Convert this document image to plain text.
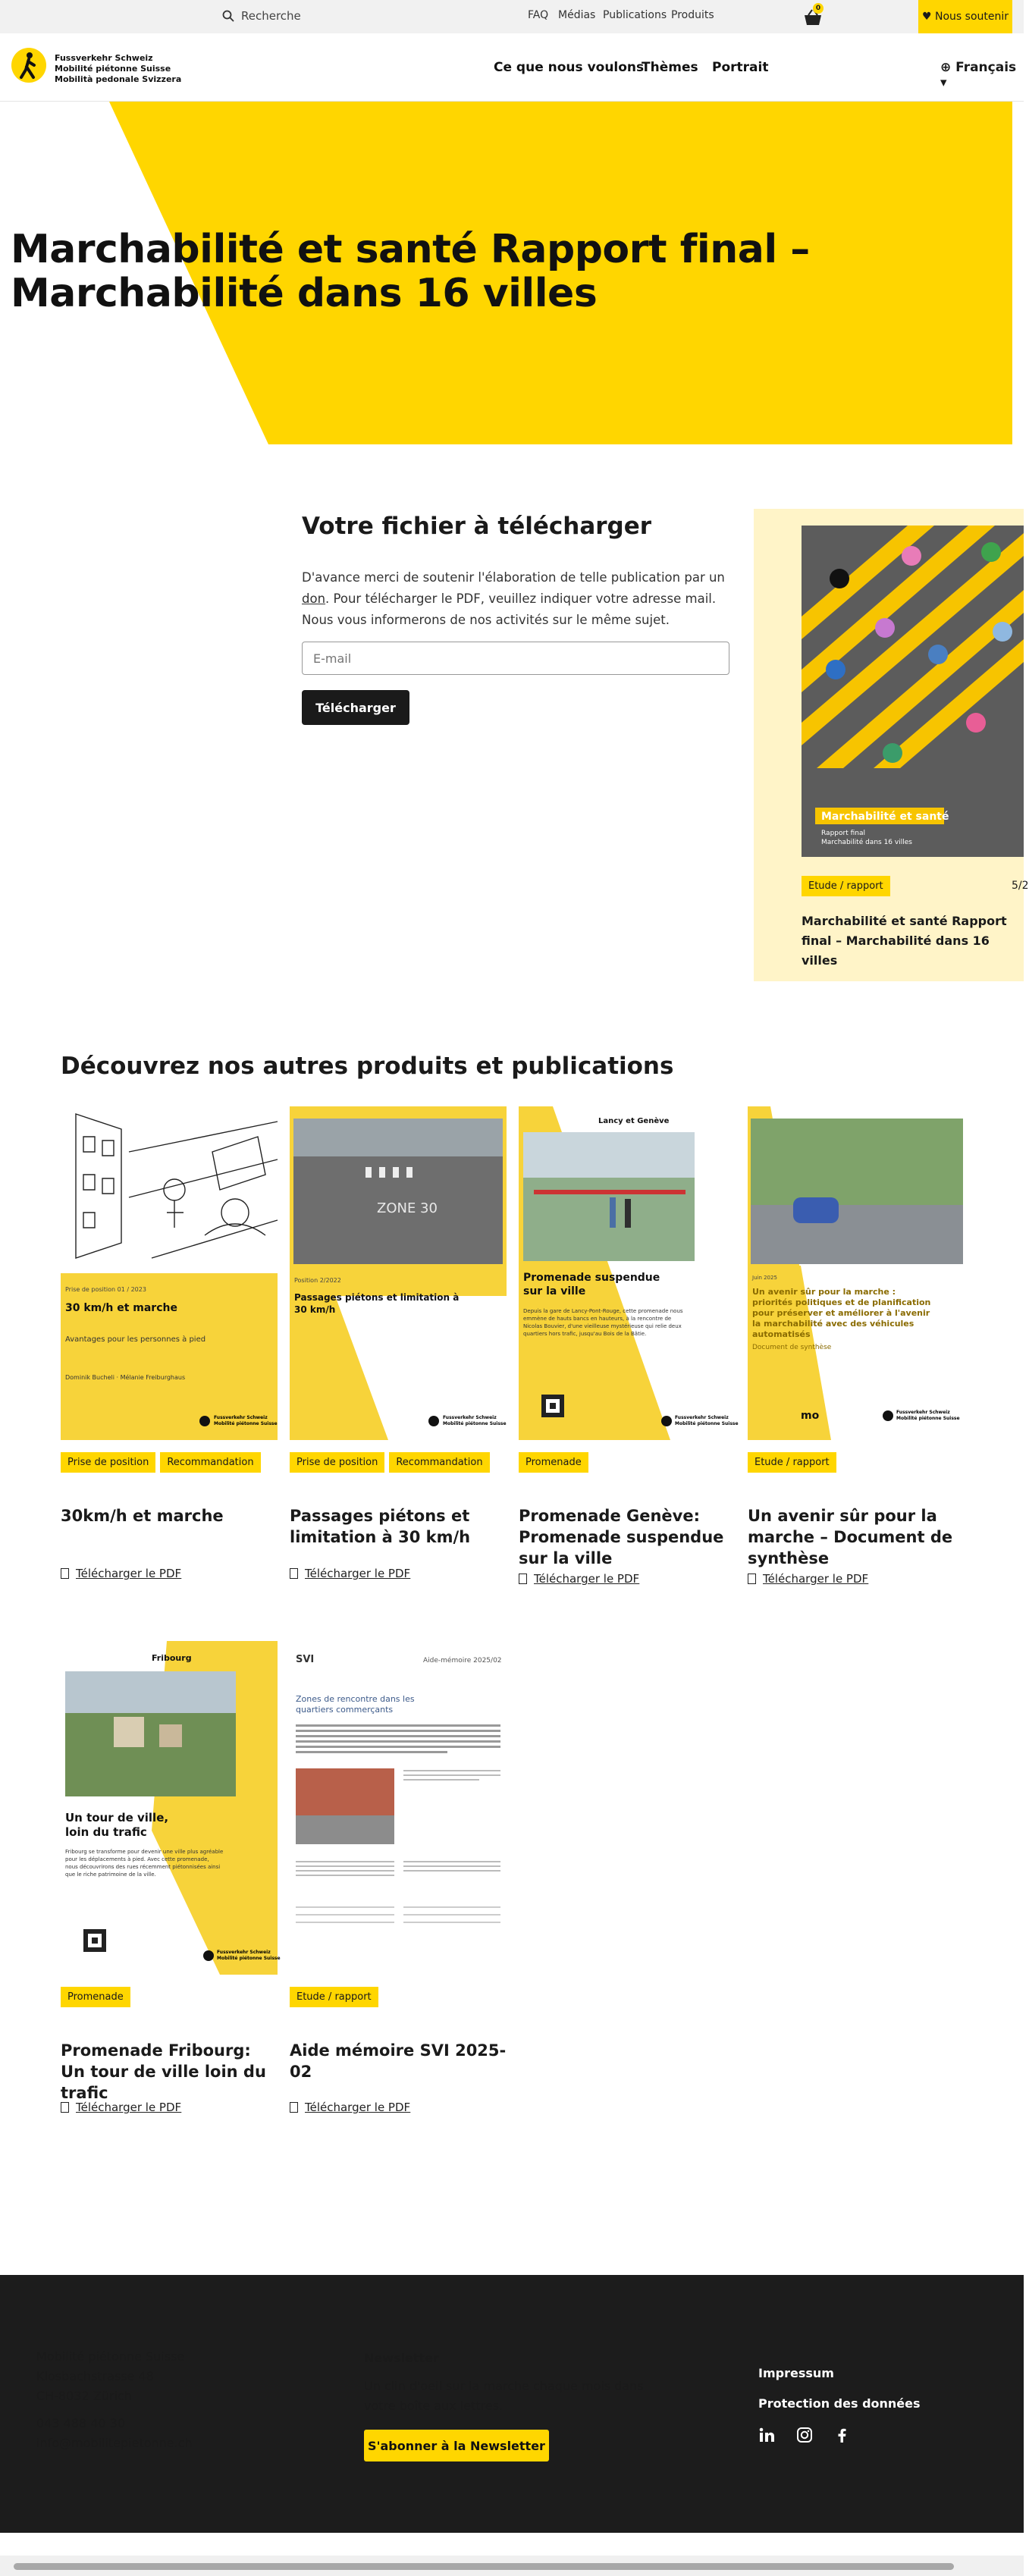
Recherche	FAQ Médias Publications Produits
0
♥ Nous soutenir
Fussverkehr Schweiz
Mobilité piétonne Suisse
Mobilità pedonale Svizzera
Ce que nous voulons
Thèmes Portrait	⊕ Français ▾
Marchabilité et santé Rapport final – Marchabilité dans 16 villes
Votre fichier à télécharger

D'avance merci de soutenir l'élaboration de telle publication par un don. Pour télécharger le PDF, veuillez indiquer votre adresse mail. Nous vous informerons de nos activités sur le même sujet.

E-mail
Télécharger
Marchabilité et santé
Rapport final
Marchabilité dans 16 villes
Etude / rapport	5/2
Marchabilité et santé Rapport final – Marchabilité dans 16 villes
Découvrez nos autres produits et publications
Prise de position 01 / 2023
30 km/h et marche
Avantages pour les personnes à pied
Dominik Bucheli · Mélanie Freiburghaus
Fussverkehr Schweiz
Mobilité piétonne Suisse
Prise de position	Recommandation
30km/h et marche
Télécharger le PDF
ZONE 30
Position 2/2022
Passages piétons et limitation à 30 km/h
Fussverkehr Schweiz
Mobilité piétonne Suisse
Prise de position	Recommandation
Passages piétons et limitation à 30 km/h
Télécharger le PDF
Lancy et Genève
Promenade suspendue sur la ville
Depuis la gare de Lancy-Pont-Rouge, cette promenade nous
emmène de hauts bancs en hauteurs, à la rencontre de
Nicolas Bouvier, d'une vieilleuse mystérieuse qui relie deux
quartiers hors trafic, jusqu'au Bois de la Bâtie.
Fussverkehr Schweiz
Mobilité piétonne Suisse
Promenade
Promenade Genève: Promenade suspendue sur la ville
Télécharger le PDF
Juin 2025
Un avenir sûr pour la marche :
priorités politiques et de planification
pour préserver et améliorer à l'avenir
la marchabilité avec des véhicules
automatisés
Document de synthèse
mo	Fussverkehr Schweiz
Mobilité piétonne Suisse
Etude / rapport
Un avenir sûr pour la marche – Document de synthèse
Télécharger le PDF
Fribourg
Un tour de ville, loin du trafic
Fribourg se transforme pour devenir une ville plus agréable
pour les déplacements à pied. Avec cette promenade,
nous découvrirons des rues récemment piétonnisées ainsi
que le riche patrimoine de la ville.
Fussverkehr Schweiz
Mobilité piétonne Suisse
Promenade
Promenade Fribourg: Un tour de ville loin du trafic
Télécharger le PDF
SVI	Aide-mémoire 2025/02
Zones de rencontre dans les quartiers commerçants
Etude / rapport
Aide mémoire SVI 2025-02
Télécharger le PDF
Mobilité piétonne Suisse
Klosbachstrasse 48
CH-8032 Zürich
043 488 40 30
info@mobilitepietonne.ch
Newsletter
Un clin d'oeil sur la marche chaque mois dans votre boîte aux lettres.
S'abonner à la Newsletter
Impressum
Protection des données
